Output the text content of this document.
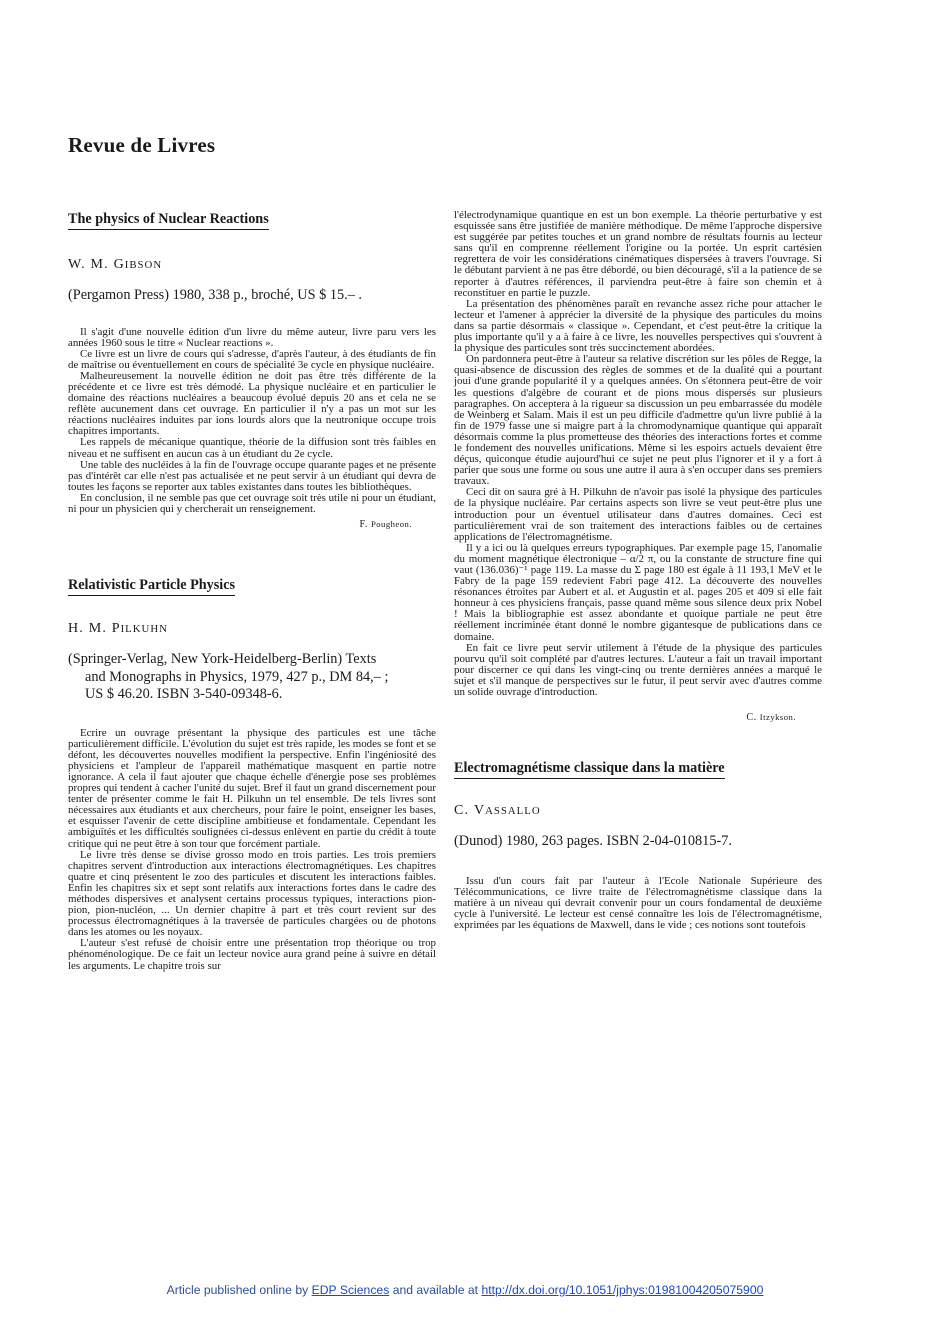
Revue de Livres
The physics of Nuclear Reactions

W. M. GIBSON

(Pergamon Press) 1980, 338 p., broché, US $ 15.– .

Il s'agit d'une nouvelle édition d'un livre du même auteur, livre paru vers les années 1960 sous le titre « Nuclear reactions ».

Ce livre est un livre de cours qui s'adresse, d'après l'auteur, à des étudiants de fin de maîtrise ou éventuellement en cours de spécialité 3e cycle en physique nucléaire.

Malheureusement la nouvelle édition ne doit pas être très différente de la précédente et ce livre est très démodé. La physique nucléaire et en particulier le domaine des réactions nucléaires a beaucoup évolué depuis 20 ans et cela ne se reflète aucunement dans cet ouvrage. En particulier il n'y a pas un mot sur les réactions nucléaires induites par ions lourds alors que la neutronique occupe trois chapitres importants.

Les rappels de mécanique quantique, théorie de la diffusion sont très faibles en niveau et ne suffisent en aucun cas à un étudiant du 2e cycle.

Une table des nucléides à la fin de l'ouvrage occupe quarante pages et ne présente pas d'intérêt car elle n'est pas actualisée et ne peut servir à un étudiant qui devra de toutes les façons se reporter aux tables existantes dans toutes les bibliothèques.

En conclusion, il ne semble pas que cet ouvrage soit très utile ni pour un étudiant, ni pour un physicien qui y chercherait un renseignement.

F. Pougheon.

Relativistic Particle Physics

H. M. PILKUHN

(Springer-Verlag, New York-Heidelberg-Berlin) Texts
and Monographs in Physics, 1979, 427 p., DM 84,– ;
US $ 46.20. ISBN 3-540-09348-6.

Ecrire un ouvrage présentant la physique des particules est une tâche particulièrement difficile. L'évolution du sujet est très rapide, les modes se font et se défont, les découvertes nouvelles modifient la perspective. Enfin l'ingéniosité des physiciens et l'ampleur de l'appareil mathématique masquent en partie notre ignorance. A cela il faut ajouter que chaque échelle d'énergie pose ses problèmes propres qui tendent à cacher l'unité du sujet. Bref il faut un grand discernement pour tenter de présenter comme le fait H. Pilkuhn un tel ensemble. De tels livres sont nécessaires aux étudiants et aux chercheurs, pour faire le point, enseigner les bases, et esquisser l'avenir de cette discipline ambitieuse et fondamentale. Cependant les ambiguïtés et les difficultés soulignées ci-dessus enlèvent en partie du crédit à toute critique qui ne peut être à son tour que forcément partiale.

Le livre très dense se divise grosso modo en trois parties. Les trois premiers chapitres servent d'introduction aux interactions électromagnétiques. Les chapitres quatre et cinq présentent le zoo des particules et discutent les interactions faibles. Enfin les chapitres six et sept sont relatifs aux interactions fortes dans le cadre des méthodes dispersives et analysent certains processus typiques, interactions pion-pion, pion-nucléon, ... Un dernier chapitre à part et très court revient sur des processus électromagnétiques à la traversée de particules chargées ou de photons dans les atomes ou les noyaux.

L'auteur s'est refusé de choisir entre une présentation trop théorique ou trop phénoménologique. De ce fait un lecteur novice aura grand peine à suivre en détail les arguments. Le chapitre trois sur

l'électrodynamique quantique en est un bon exemple. La théorie perturbative y est esquissée sans être justifiée de manière méthodique. De même l'approche dispersive est suggérée par petites touches et un grand nombre de résultats fournis au lecteur sans qu'il en comprenne réellement l'origine ou la portée. Un esprit cartésien regrettera de voir les considérations cinématiques dispersées à travers l'ouvrage. Si le débutant parvient à ne pas être débordé, ou bien découragé, s'il a la patience de se reporter à d'autres références, il parviendra peut-être à faire son chemin et à reconstituer en partie le puzzle.

La présentation des phénomènes paraît en revanche assez riche pour attacher le lecteur et l'amener à apprécier la diversité de la physique des particules du moins dans sa partie désormais « classique ». Cependant, et c'est peut-être la critique la plus importante qu'il y a à faire à ce livre, les nouvelles perspectives qui s'ouvrent à la physique des particules sont très succinctement abordées.

On pardonnera peut-être à l'auteur sa relative discrétion sur les pôles de Regge, la quasi-absence de discussion des règles de sommes et de la dualité qui a pourtant joui d'une grande popularité il y a quelques années. On s'étonnera peut-être de voir les questions d'algèbre de courant et de pions mous dispersés sur plusieurs paragraphes. On acceptera à la rigueur sa discussion un peu embarrassée du modèle de Weinberg et Salam. Mais il est un peu difficile d'admettre qu'un livre publié à la fin de 1979 fasse une si maigre part à la chromodynamique quantique qui apparaît désormais comme la plus prometteuse des théories des interactions fortes et comme le fondement des nouvelles unifications. Même si les espoirs actuels devaient être déçus, quiconque étudie aujourd'hui ce sujet ne peut plus l'ignorer et il y a fort à parier que sous une forme ou sous une autre il aura à s'en occuper dans ses premiers travaux.

Ceci dit on saura gré à H. Pilkuhn de n'avoir pas isolé la physique des particules de la physique nucléaire. Par certains aspects son livre se veut peut-être plus une introduction pour un éventuel utilisateur dans d'autres domaines. Ceci est particulièrement vrai de son traitement des interactions faibles ou de certaines applications de l'électromagnétisme.

Il y a ici ou là quelques erreurs typographiques. Par exemple page 15, l'anomalie du moment magnétique électronique – α/2 π, ou la constante de structure fine qui vaut (136.036)⁻¹ page 119. La masse du Σ page 180 est égale à 11 193,1 MeV et le Fabry de la page 159 redevient Fabri page 412. La découverte des nouvelles résonances étroites par Aubert et al. et Augustin et al. pages 205 et 409 si elle fait honneur à ces physiciens français, passe quand même sous silence deux prix Nobel ! Mais la bibliographie est assez abondante et quoique partiale ne peut être réellement incriminée étant donné le nombre gigantesque de publications dans ce domaine.

En fait ce livre peut servir utilement à l'étude de la physique des particules pourvu qu'il soit complété par d'autres lectures. L'auteur a fait un travail important pour discerner ce qui dans les vingt-cinq ou trente dernières années a marqué le sujet et s'il manque de perspectives sur le futur, il peut servir avec d'autres comme un solide ouvrage d'introduction.

C. Itzykson.

Electromagnétisme classique dans la matière

C. VASSALLO

(Dunod) 1980, 263 pages. ISBN 2-04-010815-7.

Issu d'un cours fait par l'auteur à l'Ecole Nationale Supérieure des Télécommunications, ce livre traite de l'électromagnétisme classique dans la matière à un niveau qui devrait convenir pour un cours fondamental de deuxième cycle à l'université. Le lecteur est censé connaître les lois de l'électromagnétisme, exprimées par les équations de Maxwell, dans le vide ; ces notions sont toutefois

Article published online by EDP Sciences and available at http://dx.doi.org/10.1051/jphys:01981004205075900
